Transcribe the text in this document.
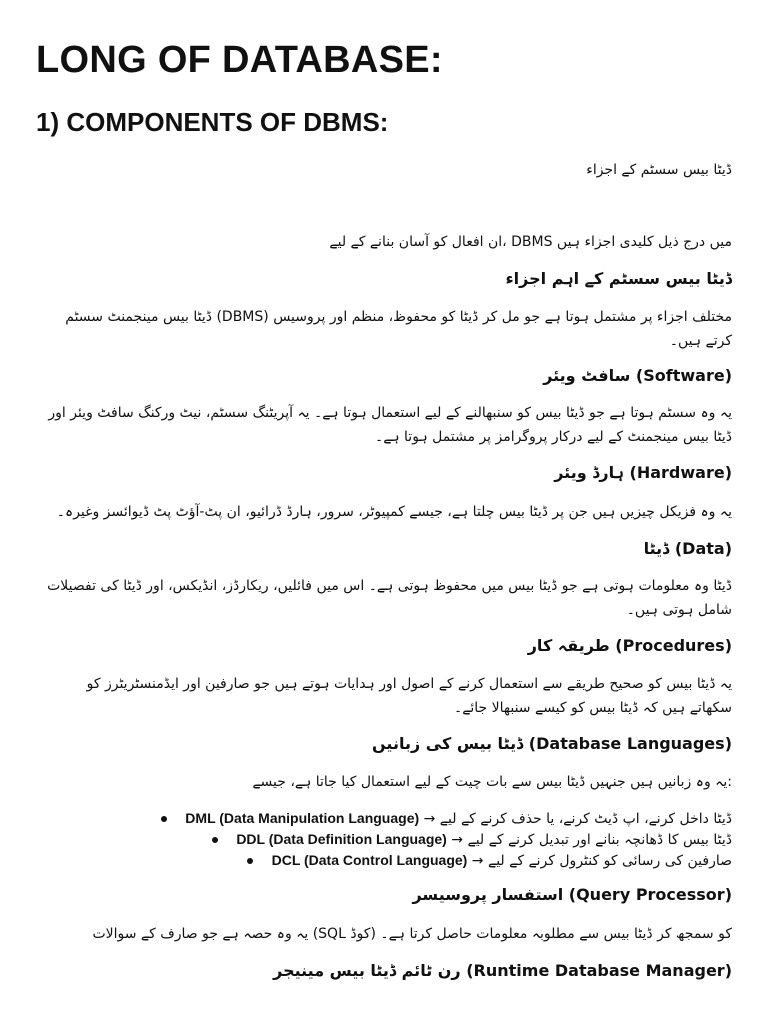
LONG OF DATABASE:
1) COMPONENTS OF DBMS:

ڈیٹا بیس سسٹم کے اجزاء

میں درج ذیل کلیدی اجزاء ہیں DBMS ،ان افعال کو آسان بنانے کے لیے

ڈیٹا بیس سسٹم کے اہم اجزاء

مختلف اجزاء پر مشتمل ہوتا ہے جو مل کر ڈیٹا کو محفوظ، منظم اور پروسیس (DBMS) ڈیٹا بیس مینجمنٹ سسٹم کرتے ہیں۔

(Software) سافٹ ویئر

یہ وہ سسٹم ہوتا ہے جو ڈیٹا بیس کو سنبھالنے کے لیے استعمال ہوتا ہے۔ یہ آپریٹنگ سسٹم، نیٹ ورکنگ سافٹ ویئر اور ڈیٹا بیس مینجمنٹ کے لیے درکار پروگرامز پر مشتمل ہوتا ہے۔

(Hardware) ہارڈ ویئر

یہ وہ فزیکل چیزیں ہیں جن پر ڈیٹا بیس چلتا ہے، جیسے کمپیوٹر، سرور، ہارڈ ڈرائیو، ان پٹ-آؤٹ پٹ ڈیوائسز وغیرہ۔

(Data) ڈیٹا

ڈیٹا وہ معلومات ہوتی ہے جو ڈیٹا بیس میں محفوظ ہوتی ہے۔ اس میں فائلیں، ریکارڈز، انڈیکس، اور ڈیٹا کی تفصیلات شامل ہوتی ہیں۔

(Procedures) طریقہ کار

یہ ڈیٹا بیس کو صحیح طریقے سے استعمال کرنے کے اصول اور ہدایات ہوتے ہیں جو صارفین اور ایڈمنسٹریٹرز کو سکھاتے ہیں کہ ڈیٹا بیس کو کیسے سنبھالا جائے۔

(Database Languages) ڈیٹا بیس کی زبانیں

:یہ وہ زبانیں ہیں جنہیں ڈیٹا بیس سے بات چیت کے لیے استعمال کیا جاتا ہے، جیسے

ڈیٹا داخل کرنے، اپ ڈیٹ کرنے، یا حذف کرنے کے لیے → DML (Data Manipulation Language)
ڈیٹا بیس کا ڈھانچہ بنانے اور تبدیل کرنے کے لیے → DDL (Data Definition Language)
صارفین کی رسائی کو کنٹرول کرنے کے لیے → DCL (Data Control Language)

(Query Processor) استفسار پروسیسر

کو سمجھ کر ڈیٹا بیس سے مطلوبہ معلومات حاصل کرتا ہے۔ (کوڈ SQL) یہ وہ حصہ ہے جو صارف کے سوالات

(Runtime Database Manager) رن ٹائم ڈیٹا بیس مینیجر
